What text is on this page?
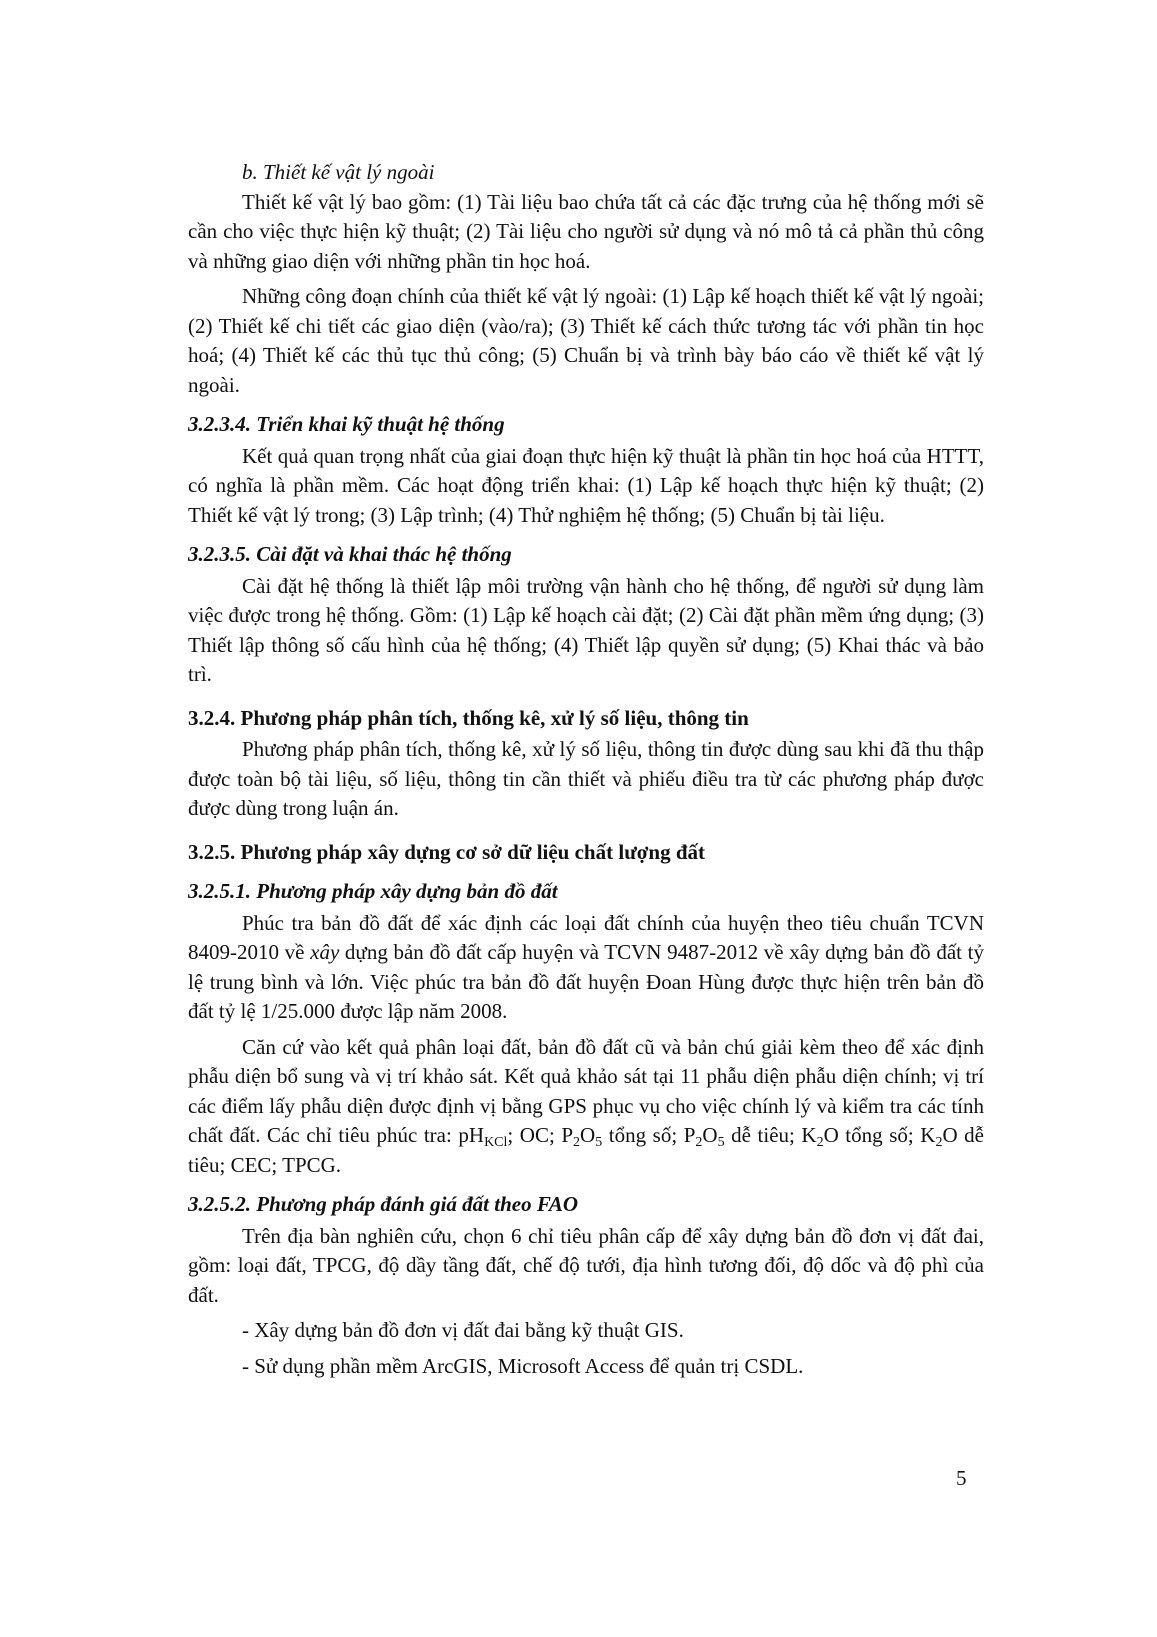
b. Thiết kế vật lý ngoài

Thiết kế vật lý bao gồm: (1) Tài liệu bao chứa tất cả các đặc trưng của hệ thống mới sẽ cần cho việc thực hiện kỹ thuật; (2) Tài liệu cho người sử dụng và nó mô tả cả phần thủ công và những giao diện với những phần tin học hoá.

Những công đoạn chính của thiết kế vật lý ngoài: (1) Lập kế hoạch thiết kế vật lý ngoài; (2) Thiết kế chi tiết các giao diện (vào/ra); (3) Thiết kế cách thức tương tác với phần tin học hoá; (4) Thiết kế các thủ tục thủ công; (5) Chuẩn bị và trình bày báo cáo về thiết kế vật lý ngoài.

3.2.3.4. Triển khai kỹ thuật hệ thống

Kết quả quan trọng nhất của giai đoạn thực hiện kỹ thuật là phần tin học hoá của HTTT, có nghĩa là phần mềm. Các hoạt động triển khai: (1) Lập kế hoạch thực hiện kỹ thuật; (2) Thiết kế vật lý trong; (3) Lập trình; (4) Thử nghiệm hệ thống; (5) Chuẩn bị tài liệu.

3.2.3.5. Cài đặt và khai thác hệ thống

Cài đặt hệ thống là thiết lập môi trường vận hành cho hệ thống, để người sử dụng làm việc được trong hệ thống. Gồm: (1) Lập kế hoạch cài đặt; (2) Cài đặt phần mềm ứng dụng; (3) Thiết lập thông số cấu hình của hệ thống; (4) Thiết lập quyền sử dụng; (5) Khai thác và bảo trì.

3.2.4. Phương pháp phân tích, thống kê, xử lý số liệu, thông tin

Phương pháp phân tích, thống kê, xử lý số liệu, thông tin được dùng sau khi đã thu thập được toàn bộ tài liệu, số liệu, thông tin cần thiết và phiếu điều tra từ các phương pháp được được dùng trong luận án.

3.2.5. Phương pháp xây dựng cơ sở dữ liệu chất lượng đất

3.2.5.1. Phương pháp xây dựng bản đồ đất

Phúc tra bản đồ đất để xác định các loại đất chính của huyện theo tiêu chuẩn TCVN 8409-2010 về xây dựng bản đồ đất cấp huyện và TCVN 9487-2012 về xây dựng bản đồ đất tỷ lệ trung bình và lớn. Việc phúc tra bản đồ đất huyện Đoan Hùng được thực hiện trên bản đồ đất tỷ lệ 1/25.000 được lập năm 2008.

Căn cứ vào kết quả phân loại đất, bản đồ đất cũ và bản chú giải kèm theo để xác định phẫu diện bổ sung và vị trí khảo sát. Kết quả khảo sát tại 11 phẫu diện phẫu diện chính; vị trí các điểm lấy phẫu diện được định vị bằng GPS phục vụ cho việc chính lý và kiểm tra các tính chất đất. Các chỉ tiêu phúc tra: $pH_{KCl}$; OC; $P_2O_5$ tổng số; $P_2O_5$ dễ tiêu; $K_2O$ tổng số; $K_2O$ dễ tiêu; CEC; TPCG.

3.2.5.2. Phương pháp đánh giá đất theo FAO

Trên địa bàn nghiên cứu, chọn 6 chỉ tiêu phân cấp để xây dựng bản đồ đơn vị đất đai, gồm: loại đất, TPCG, độ dầy tầng đất, chế độ tưới, địa hình tương đối, độ dốc và độ phì của đất.

- Xây dựng bản đồ đơn vị đất đai bằng kỹ thuật GIS.

- Sử dụng phần mềm ArcGIS, Microsoft Access để quản trị CSDL.

5
